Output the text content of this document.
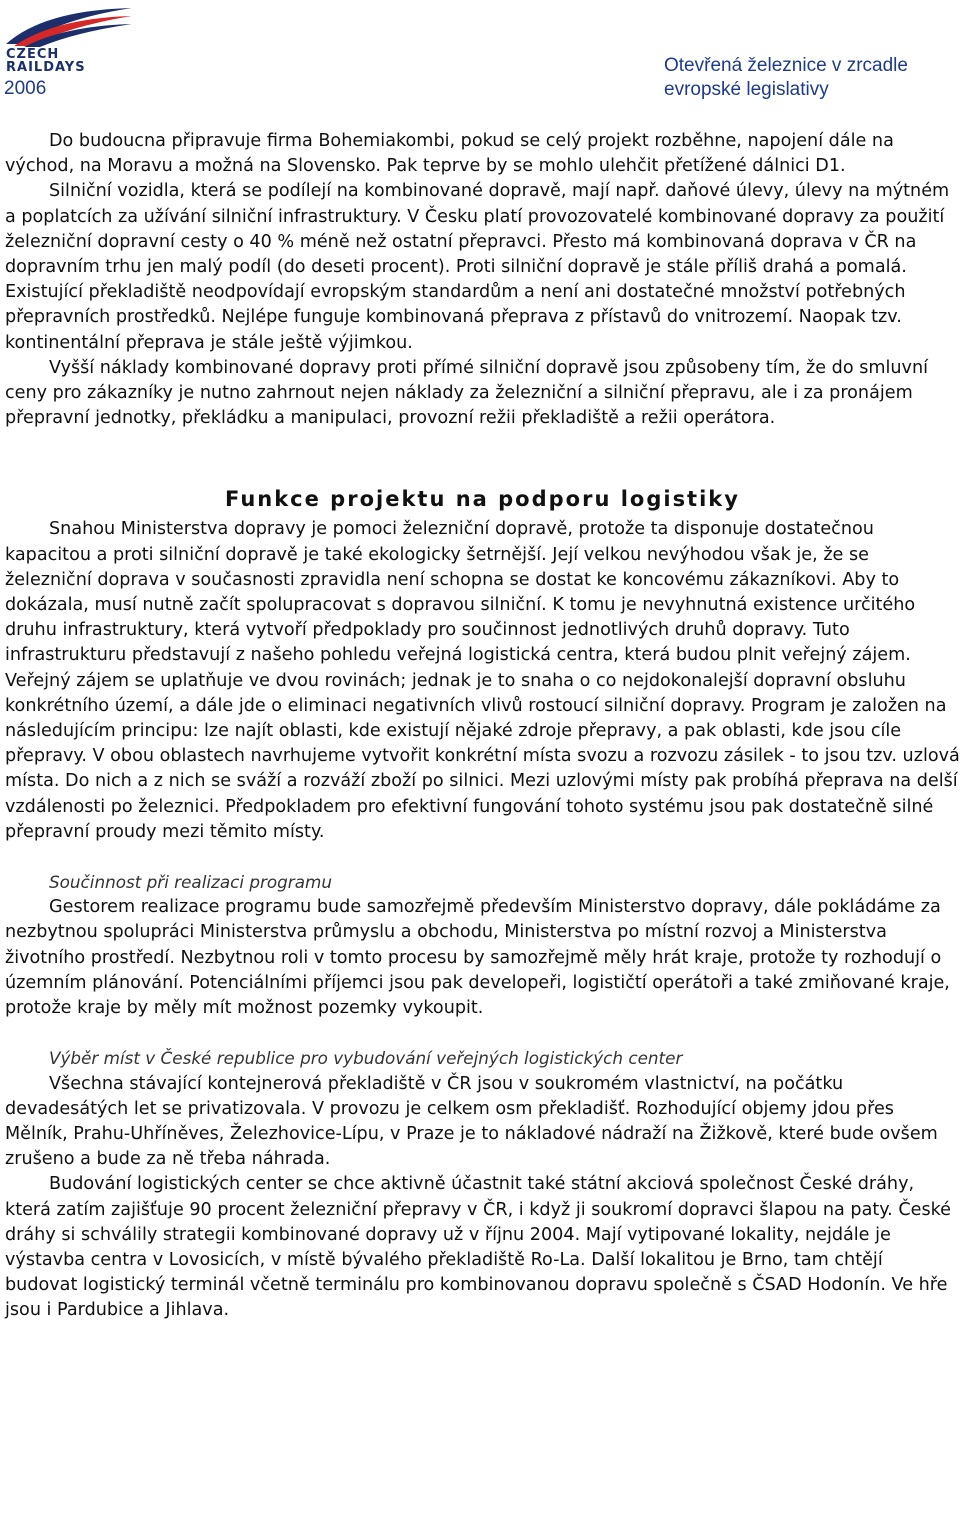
CZECH
RAILDAYS
2006
Otevřená železnice v zrcadle
evropské legislativy

Do budoucna připravuje firma Bohemiakombi, pokud se celý projekt rozběhne, napojení dále na východ, na Moravu a možná na Slovensko. Pak teprve by se mohlo ulehčit přetížené dálnici D1.

Silniční vozidla, která se podílejí na kombinované dopravě, mají např. daňové úlevy, úlevy na mýtném a poplatcích za užívání silniční infrastruktury. V Česku platí provozovatelé kombinované dopravy za použití železniční dopravní cesty o 40 % méně než ostatní přepravci. Přesto má kombinovaná doprava v ČR na dopravním trhu jen malý podíl (do deseti procent). Proti silniční dopravě je stále příliš drahá a pomalá. Existující překladiště neodpovídají evropským standardům a není ani dostatečné množství potřebných přepravních prostředků. Nejlépe funguje kombinovaná přeprava z přístavů do vnitrozemí. Naopak tzv. kontinentální přeprava je stále ještě výjimkou.

Vyšší náklady kombinované dopravy proti přímé silniční dopravě jsou způsobeny tím, že do smluvní ceny pro zákazníky je nutno zahrnout nejen náklady za železniční a silniční přepravu, ale i za pronájem přepravní jednotky, překládku a manipulaci, provozní režii překladiště a režii operátora.

Funkce projektu na podporu logistiky

Snahou Ministerstva dopravy je pomoci železniční dopravě, protože ta disponuje dostatečnou kapacitou a proti silniční dopravě je také ekologicky šetrnější. Její velkou nevýhodou však je, že se železniční doprava v současnosti zpravidla není schopna se dostat ke koncovému zákazníkovi. Aby to dokázala, musí nutně začít spolupracovat s dopravou silniční. K tomu je nevyhnutná existence určitého druhu infrastruktury, která vytvoří předpoklady pro součinnost jednotlivých druhů dopravy. Tuto infrastrukturu představují z našeho pohledu veřejná logistická centra, která budou plnit veřejný zájem. Veřejný zájem se uplatňuje ve dvou rovinách; jednak je to snaha o co nejdokonalejší dopravní obsluhu konkrétního území, a dále jde o eliminaci negativních vlivů rostoucí silniční dopravy. Program je založen na následujícím principu: lze najít oblasti, kde existují nějaké zdroje přepravy, a pak oblasti, kde jsou cíle přepravy. V obou oblastech navrhujeme vytvořit konkrétní místa svozu a rozvozu zásilek - to jsou tzv. uzlová místa. Do nich a z nich se sváží a rozváží zboží po silnici. Mezi uzlovými místy pak probíhá přeprava na delší vzdálenosti po železnici. Předpokladem pro efektivní fungování tohoto systému jsou pak dostatečně silné přepravní proudy mezi těmito místy.

Součinnost při realizaci programu

Gestorem realizace programu bude samozřejmě především Ministerstvo dopravy, dále pokládáme za nezbytnou spolupráci Ministerstva průmyslu a obchodu, Ministerstva po místní rozvoj a Ministerstva životního prostředí. Nezbytnou roli v tomto procesu by samozřejmě měly hrát kraje, protože ty rozhodují o územním plánování. Potenciálními příjemci jsou pak developeři, logističtí operátoři a také zmiňované kraje, protože kraje by měly mít možnost pozemky vykoupit.

Výběr míst v České republice pro vybudování veřejných logistických center

Všechna stávající kontejnerová překladiště v ČR jsou v soukromém vlastnictví, na počátku devadesátých let se privatizovala. V provozu je celkem osm překladišť. Rozhodující objemy jdou přes Mělník, Prahu-Uhříněves, Železhovice-Lípu, v Praze je to nákladové nádraží na Žižkově, které bude ovšem zrušeno a bude za ně třeba náhrada.

Budování logistických center se chce aktivně účastnit také státní akciová společnost České dráhy, která zatím zajišťuje 90 procent železniční přepravy v ČR, i když ji soukromí dopravci šlapou na paty. České dráhy si schválily strategii kombinované dopravy už v říjnu 2004. Mají vytipované lokality, nejdále je výstavba centra v Lovosicích, v místě bývalého překladiště Ro-La. Další lokalitou je Brno, tam chtějí budovat logistický terminál včetně terminálu pro kombinovanou dopravu společně s ČSAD Hodonín. Ve hře jsou i Pardubice a Jihlava.
